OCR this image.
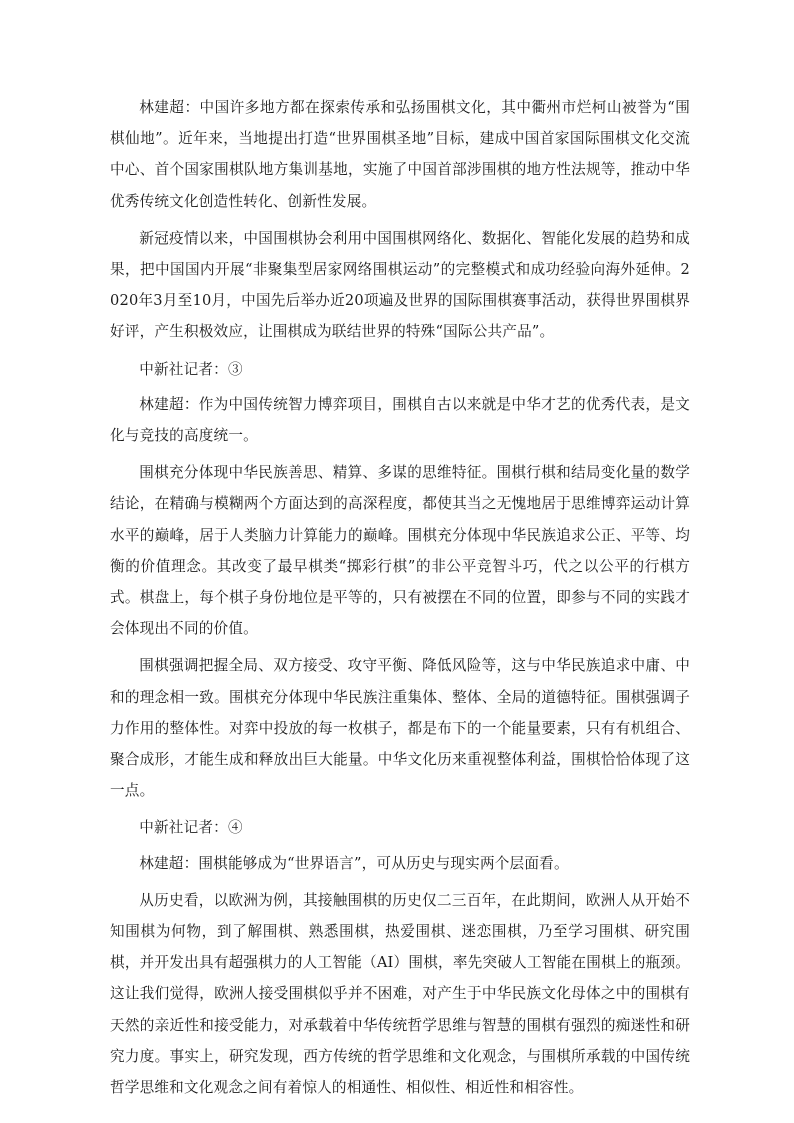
林建超：中国许多地方都在探索传承和弘扬围棋文化，其中衢州市烂柯山被誉为“围棋仙地”。近年来，当地提出打造“世界围棋圣地”目标，建成中国首家国际围棋文化交流中心、首个国家围棋队地方集训基地，实施了中国首部涉围棋的地方性法规等，推动中华优秀传统文化创造性转化、创新性发展。

新冠疫情以来，中国围棋协会利用中国围棋网络化、数据化、智能化发展的趋势和成果，把中国国内开展“非聚集型居家网络围棋运动”的完整模式和成功经验向海外延伸。2020年3月至10月，中国先后举办近20项遍及世界的国际围棋赛事活动，获得世界围棋界好评，产生积极效应，让围棋成为联结世界的特殊“国际公共产品”。

中新社记者：③

林建超：作为中国传统智力博弈项目，围棋自古以来就是中华才艺的优秀代表，是文化与竞技的高度统一。

围棋充分体现中华民族善思、精算、多谋的思维特征。围棋行棋和结局变化量的数学结论，在精确与模糊两个方面达到的高深程度，都使其当之无愧地居于思维博弈运动计算水平的巅峰，居于人类脑力计算能力的巅峰。围棋充分体现中华民族追求公正、平等、均衡的价值理念。其改变了最早棋类“掷彩行棋”的非公平竞智斗巧，代之以公平的行棋方式。棋盘上，每个棋子身份地位是平等的，只有被摆在不同的位置，即参与不同的实践才会体现出不同的价值。

围棋强调把握全局、双方接受、攻守平衡、降低风险等，这与中华民族追求中庸、中和的理念相一致。围棋充分体现中华民族注重集体、整体、全局的道德特征。围棋强调子力作用的整体性。对弈中投放的每一枚棋子，都是布下的一个能量要素，只有有机组合、聚合成形，才能生成和释放出巨大能量。中华文化历来重视整体利益，围棋恰恰体现了这一点。

中新社记者：④

林建超：围棋能够成为“世界语言”，可从历史与现实两个层面看。

从历史看，以欧洲为例，其接触围棋的历史仅二三百年，在此期间，欧洲人从开始不知围棋为何物，到了解围棋、熟悉围棋，热爱围棋、迷恋围棋，乃至学习围棋、研究围棋，并开发出具有超强棋力的人工智能（AI）围棋，率先突破人工智能在围棋上的瓶颈。这让我们觉得，欧洲人接受围棋似乎并不困难，对产生于中华民族文化母体之中的围棋有天然的亲近性和接受能力，对承载着中华传统哲学思维与智慧的围棋有强烈的痴迷性和研究力度。事实上，研究发现，西方传统的哲学思维和文化观念，与围棋所承载的中国传统哲学思维和文化观念之间有着惊人的相通性、相似性、相近性和相容性。
